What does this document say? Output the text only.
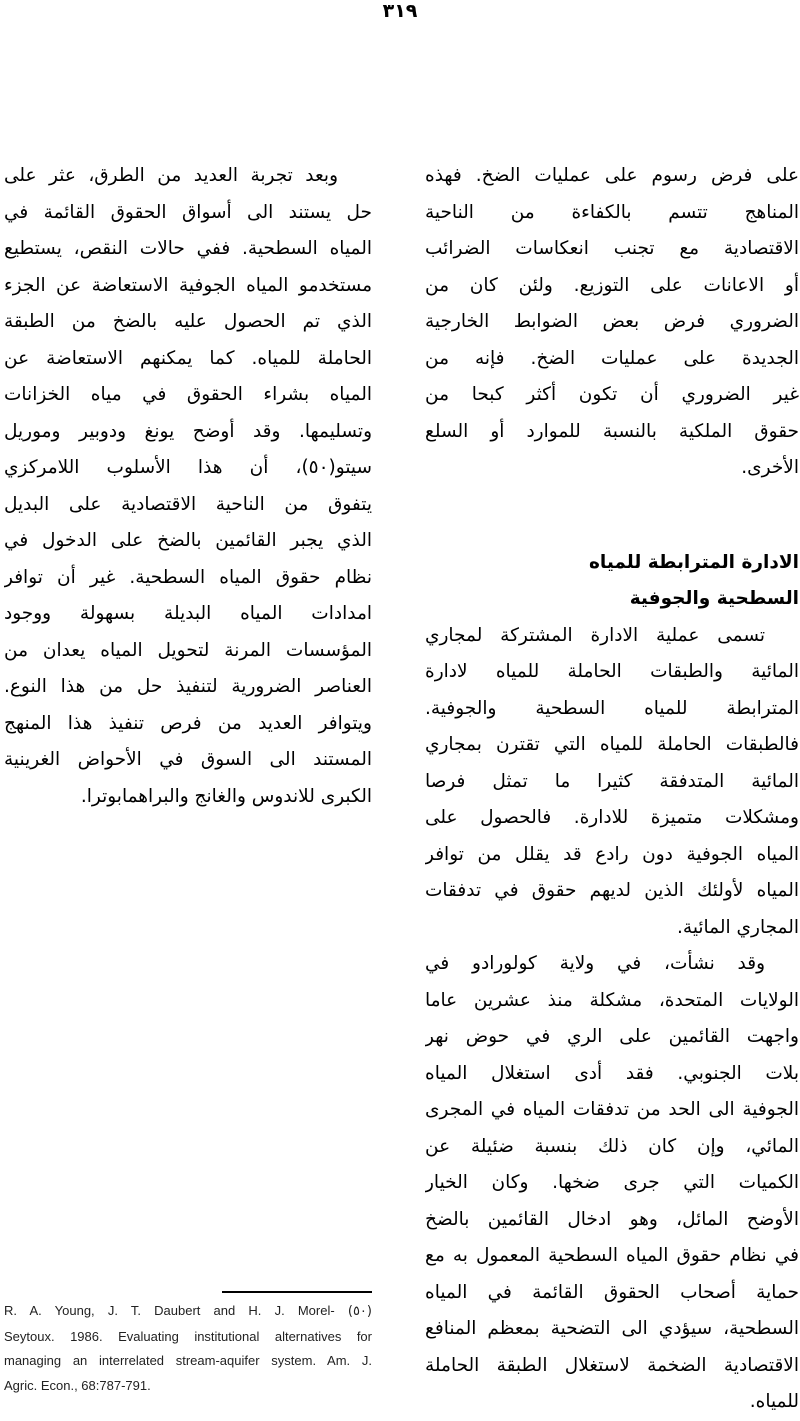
٣١٩
على فرض رسوم على عمليات الضخ. فهذه
المناهج تتسم بالكفاءة من الناحية
الاقتصادية مع تجنب انعكاسات الضرائب
أو الاعانات على التوزيع. ولئن كان من
الضروري فرض بعض الضوابط الخارجية
الجديدة على عمليات الضخ. فإنه من
غير الضروري أن تكون أكثر كبحا من
حقوق الملكية بالنسبة للموارد أو السلع
الأخرى.
الادارة المترابطة للمياه
السطحية والجوفية
تسمى عملية الادارة المشتركة لمجاري
المائية والطبقات الحاملة للمياه لادارة
المترابطة للمياه السطحية والجوفية.
فالطبقات الحاملة للمياه التي تقترن بمجاري
المائية المتدفقة كثيرا ما تمثل فرصا
ومشكلات متميزة للادارة. فالحصول على
المياه الجوفية دون رادع قد يقلل من توافر
المياه لأولئك الذين لديهم حقوق في تدفقات
المجاري المائية.
وقد نشأت، في ولاية كولورادو في
الولايات المتحدة، مشكلة منذ عشرين عاما
واجهت القائمين على الري في حوض نهر
بلات الجنوبي. فقد أدى استغلال المياه
الجوفية الى الحد من تدفقات المياه في المجرى
المائي، وإن كان ذلك بنسبة ضئيلة عن
الكميات التي جرى ضخها. وكان الخيار
الأوضح المائل، وهو ادخال القائمين بالضخ
في نظام حقوق المياه السطحية المعمول به مع
حماية أصحاب الحقوق القائمة في المياه
السطحية، سيؤدي الى التضحية بمعظم المنافع
الاقتصادية الضخمة لاستغلال الطبقة الحاملة
للمياه.
وبعد تجربة العديد من الطرق، عثر على
حل يستند الى أسواق الحقوق القائمة في
المياه السطحية. ففي حالات النقص، يستطيع
مستخدمو المياه الجوفية الاستعاضة عن الجزء
الذي تم الحصول عليه بالضخ من الطبقة
الحاملة للمياه. كما يمكنهم الاستعاضة عن
المياه بشراء الحقوق في مياه الخزانات
وتسليمها. وقد أوضح يونغ ودوبير وموريل
سيتو(٥٠)، أن هذا الأسلوب اللامركزي
يتفوق من الناحية الاقتصادية على البديل
الذي يجبر القائمين بالضخ على الدخول في
نظام حقوق المياه السطحية. غير أن توافر
امدادات المياه البديلة بسهولة ووجود
المؤسسات المرنة لتحويل المياه يعدان من
العناصر الضرورية لتنفيذ حل من هذا النوع.
ويتوافر العديد من فرص تنفيذ هذا المنهج
المستند الى السوق في الأحواض الغرينية
الكبرى للاندوس والغانج والبراهمابوترا.
R. A. Young, J. T. Daubert and H. J. Morel- (٥٠)
Seytoux. 1986. Evaluating institutional alternatives for
managing an interrelated stream-aquifer system. Am. J.
Agric. Econ., 68:787-791.
